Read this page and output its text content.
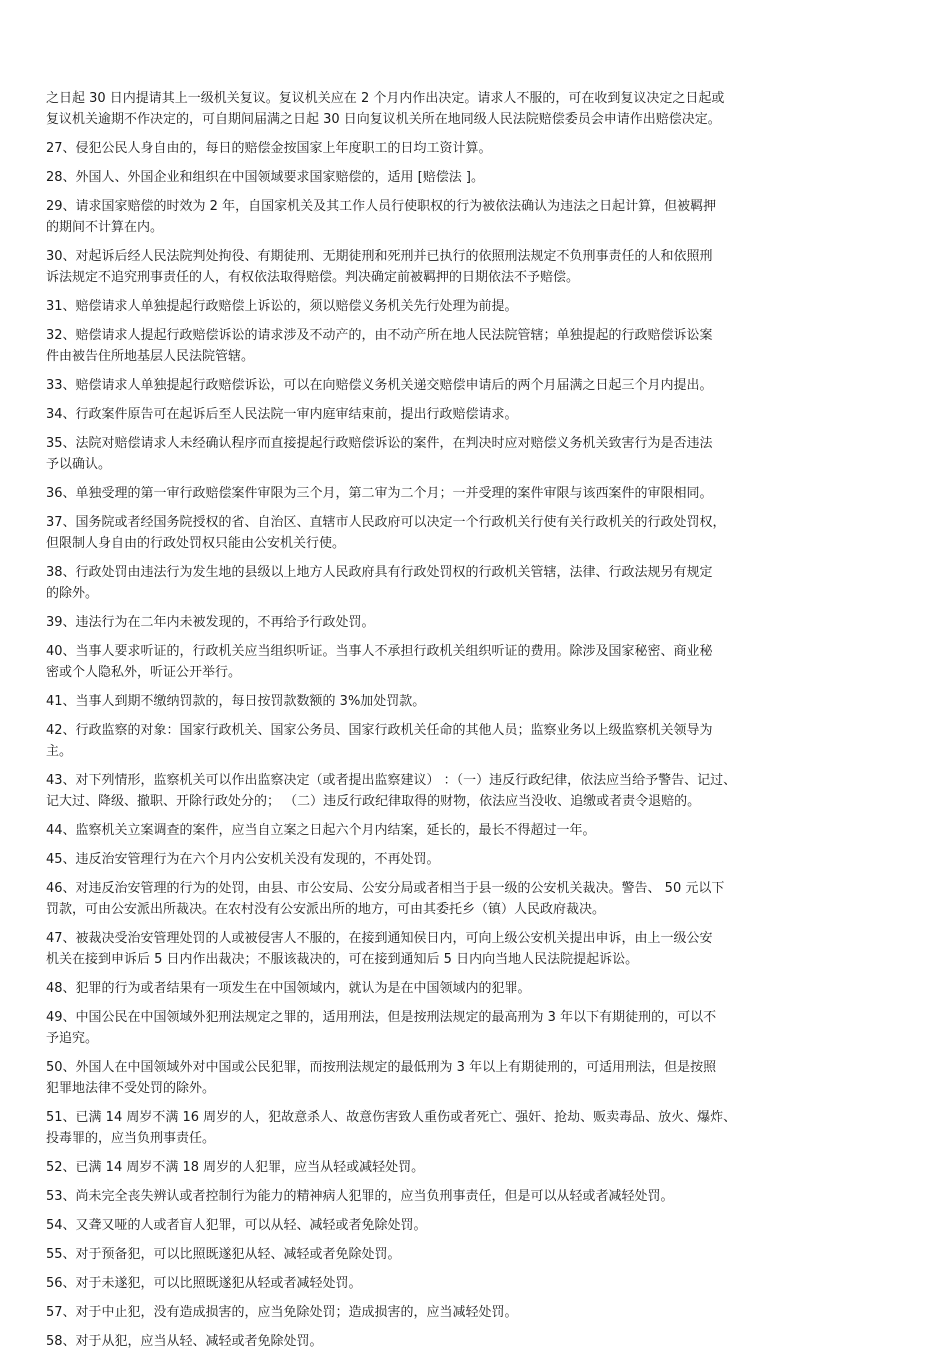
之日起 30 日内提请其上一级机关复议。复议机关应在 2 个月内作出决定。请求人不服的，可在收到复议决定之日起或
复议机关逾期不作决定的，可自期间届满之日起 30 日向复议机关所在地同级人民法院赔偿委员会申请作出赔偿决定。
27、侵犯公民人身自由的，每日的赔偿金按国家上年度职工的日均工资计算。
28、外国人、外国企业和组织在中国领域要求国家赔偿的，适用 [赔偿法 ]。
29、请求国家赔偿的时效为 2 年，自国家机关及其工作人员行使职权的行为被依法确认为违法之日起计算，但被羁押
的期间不计算在内。
30、对起诉后经人民法院判处拘役、有期徒刑、无期徒刑和死刑并已执行的依照刑法规定不负刑事责任的人和依照刑
诉法规定不追究刑事责任的人，有权依法取得赔偿。判决确定前被羁押的日期依法不予赔偿。
31、赔偿请求人单独提起行政赔偿上诉讼的，须以赔偿义务机关先行处理为前提。
32、赔偿请求人提起行政赔偿诉讼的请求涉及不动产的，由不动产所在地人民法院管辖；单独提起的行政赔偿诉讼案
件由被告住所地基层人民法院管辖。
33、赔偿请求人单独提起行政赔偿诉讼，可以在向赔偿义务机关递交赔偿申请后的两个月届满之日起三个月内提出。
34、行政案件原告可在起诉后至人民法院一审内庭审结束前，提出行政赔偿请求。
35、法院对赔偿请求人未经确认程序而直接提起行政赔偿诉讼的案件，在判决时应对赔偿义务机关致害行为是否违法
予以确认。
36、单独受理的第一审行政赔偿案件审限为三个月，第二审为二个月；一并受理的案件审限与该西案件的审限相同。
37、国务院或者经国务院授权的省、自治区、直辖市人民政府可以决定一个行政机关行使有关行政机关的行政处罚权，
但限制人身自由的行政处罚权只能由公安机关行使。
38、行政处罚由违法行为发生地的县级以上地方人民政府具有行政处罚权的行政机关管辖，法律、行政法规另有规定
的除外。
39、违法行为在二年内未被发现的，不再给予行政处罚。
40、当事人要求听证的，行政机关应当组织听证。当事人不承担行政机关组织听证的费用。除涉及国家秘密、商业秘
密或个人隐私外，听证公开举行。
41、当事人到期不缴纳罚款的，每日按罚款数额的 3%加处罚款。
42、行政监察的对象：国家行政机关、国家公务员、国家行政机关任命的其他人员；监察业务以上级监察机关领导为
主。
43、对下列情形，监察机关可以作出监察决定（或者提出监察建议） ：（一）违反行政纪律，依法应当给予警告、记过、
记大过、降级、撤职、开除行政处分的； （二）违反行政纪律取得的财物，依法应当没收、追缴或者责令退赔的。
44、监察机关立案调查的案件，应当自立案之日起六个月内结案，延长的，最长不得超过一年。
45、违反治安管理行为在六个月内公安机关没有发现的，不再处罚。
46、对违反治安管理的行为的处罚，由县、市公安局、公安分局或者相当于县一级的公安机关裁决。警告、 50 元以下
罚款，可由公安派出所裁决。在农村没有公安派出所的地方，可由其委托乡（镇）人民政府裁决。
47、被裁决受治安管理处罚的人或被侵害人不服的，在接到通知侯日内，可向上级公安机关提出申诉，由上一级公安
机关在接到申诉后 5 日内作出裁决；不服该裁决的，可在接到通知后 5 日内向当地人民法院提起诉讼。
48、犯罪的行为或者结果有一项发生在中国领域内，就认为是在中国领域内的犯罪。
49、中国公民在中国领域外犯刑法规定之罪的，适用刑法，但是按刑法规定的最高刑为 3 年以下有期徒刑的，可以不
予追究。
50、外国人在中国领域外对中国或公民犯罪，而按刑法规定的最低刑为 3 年以上有期徒刑的，可适用刑法，但是按照
犯罪地法律不受处罚的除外。
51、已满 14 周岁不满 16 周岁的人，犯故意杀人、故意伤害致人重伤或者死亡、强奸、抢劫、贩卖毒品、放火、爆炸、
投毒罪的，应当负刑事责任。
52、已满 14 周岁不满 18 周岁的人犯罪，应当从轻或减轻处罚。
53、尚未完全丧失辨认或者控制行为能力的精神病人犯罪的，应当负刑事责任，但是可以从轻或者减轻处罚。
54、又聋又哑的人或者盲人犯罪，可以从轻、减轻或者免除处罚。
55、对于预备犯，可以比照既遂犯从轻、减轻或者免除处罚。
56、对于未遂犯，可以比照既遂犯从轻或者减轻处罚。
57、对于中止犯，没有造成损害的，应当免除处罚；造成损害的，应当减轻处罚。
58、对于从犯，应当从轻、减轻或者免除处罚。
